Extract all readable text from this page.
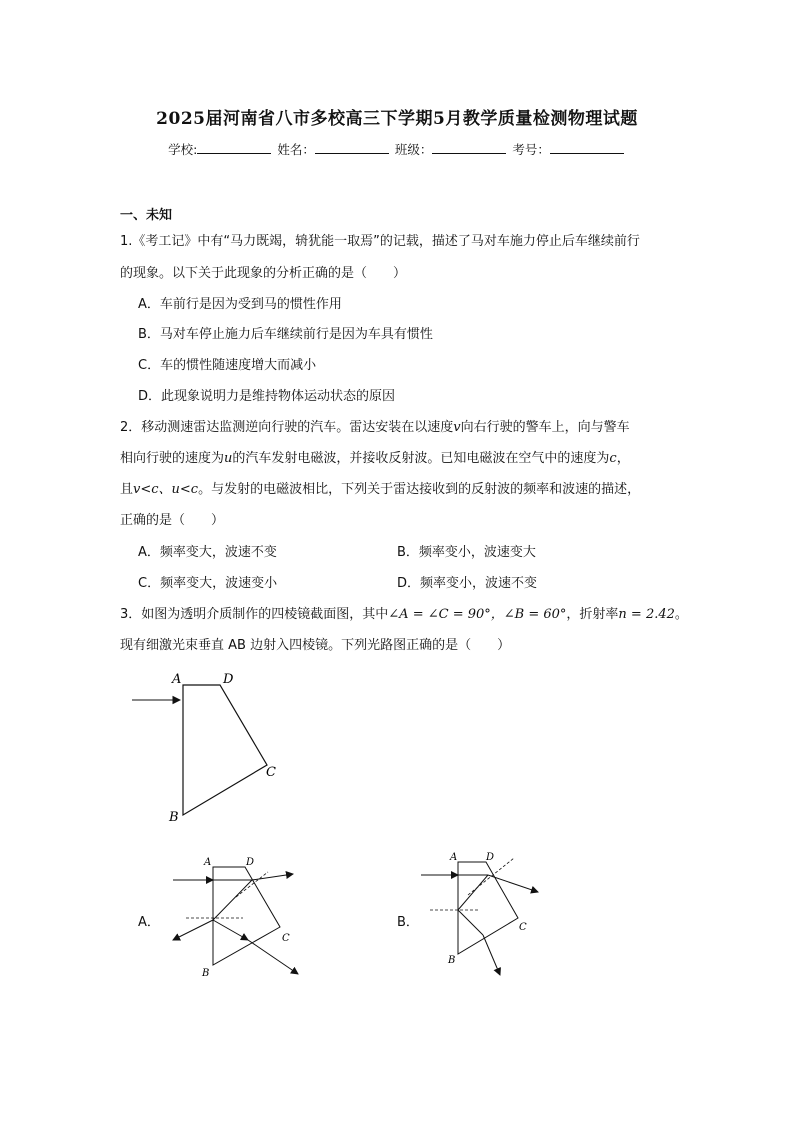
2025届河南省八市多校高三下学期5月教学质量检测物理试题
学校:	姓名：	班级：	考号：
一、未知
1.《考工记》中有“马力既竭，辀犹能一取焉”的记载，描述了马对车施力停止后车继续前行
的现象。以下关于此现象的分析正确的是（　　）
A．车前行是因为受到马的惯性作用
B．马对车停止施力后车继续前行是因为车具有惯性
C．车的惯性随速度增大而减小
D．此现象说明力是维持物体运动状态的原因
2．移动测速雷达监测逆向行驶的汽车。雷达安装在以速度v向右行驶的警车上，向与警车
相向行驶的速度为u的汽车发射电磁波，并接收反射波。已知电磁波在空气中的速度为c，
且v<c、u<c。与发射的电磁波相比，下列关于雷达接收到的反射波的频率和波速的描述，
正确的是（　　）
A．频率变大，波速不变	B．频率变小，波速变大
C．频率变大，波速变小	D．频率变小，波速不变
3．如图为透明介质制作的四棱镜截面图，其中∠A = ∠C = 90°，∠B = 60°，折射率n = 2.42。
现有细激光束垂直 AB 边射入四棱镜。下列光路图正确的是（　　）
A	D
C
B
A．
A	D
C
B
B．
A	D
C
B
